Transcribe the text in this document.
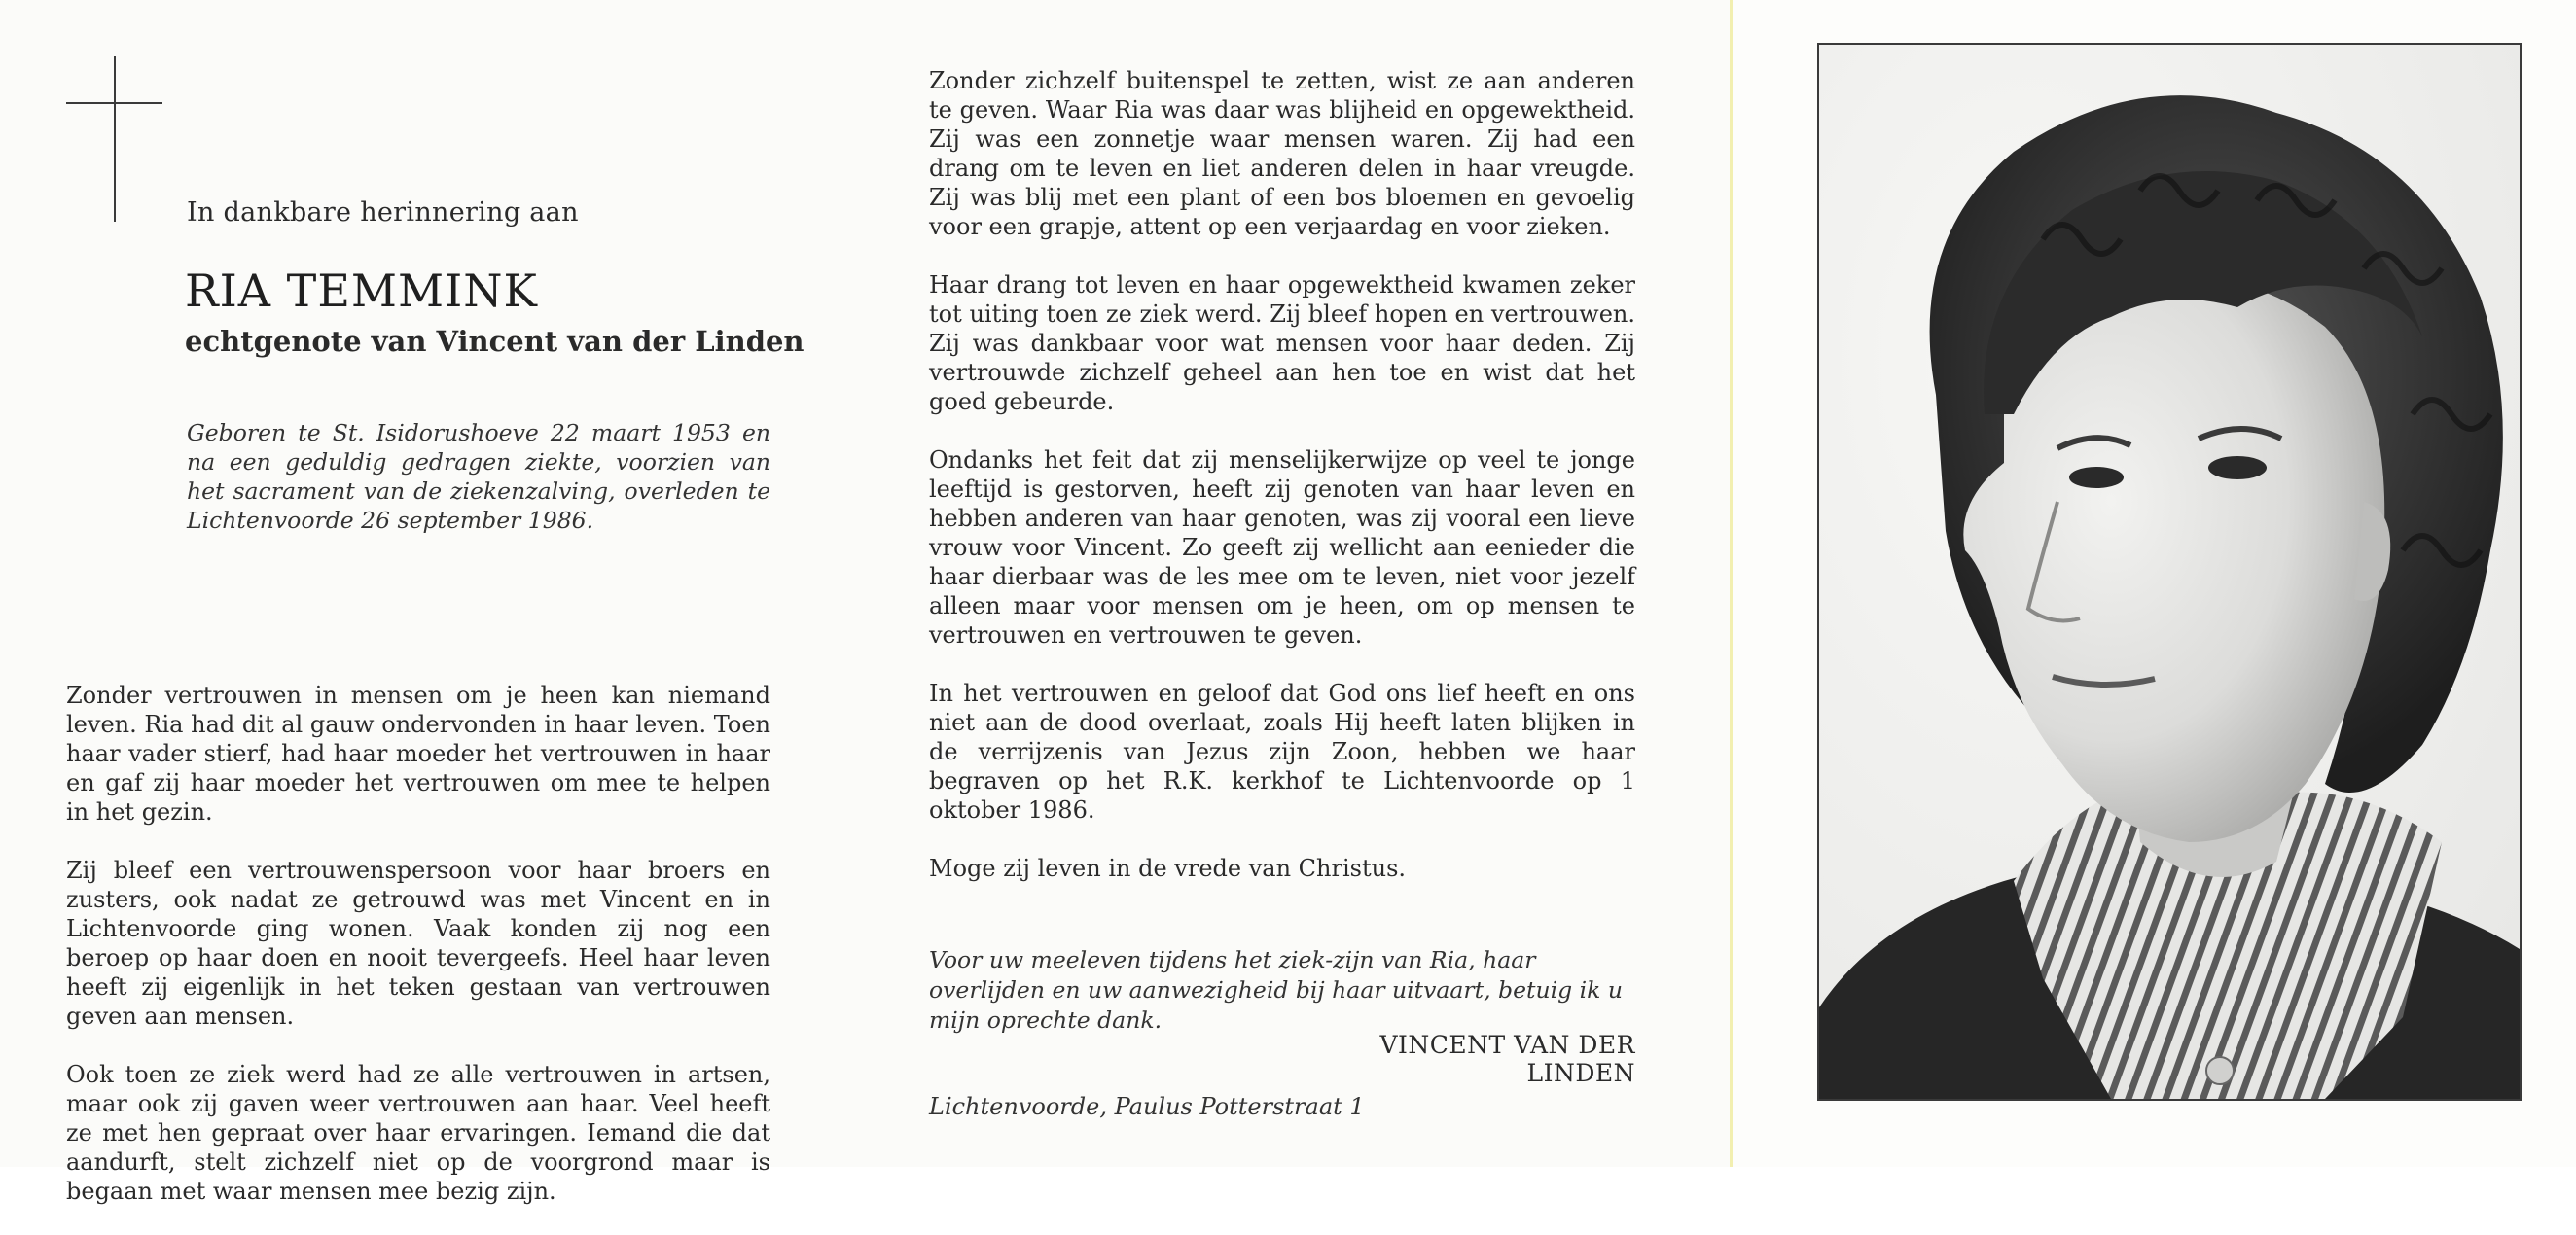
In dankbare herinnering aan
RIA TEMMINK
echtgenote van Vincent van der Linden
Geboren te St. Isidorushoeve 22 maart 1953 en na een geduldig gedragen ziekte, voorzien van het sacrament van de ziekenzalving, overleden te Lichtenvoorde 26 september 1986.

Zonder vertrouwen in mensen om je heen kan niemand leven. Ria had dit al gauw ondervonden in haar leven. Toen haar vader stierf, had haar moeder het vertrouwen in haar en gaf zij haar moeder het vertrouwen om mee te helpen in het gezin.

Zij bleef een vertrouwenspersoon voor haar broers en zusters, ook nadat ze getrouwd was met Vincent en in Lichtenvoorde ging wonen. Vaak konden zij nog een beroep op haar doen en nooit tevergeefs. Heel haar leven heeft zij eigenlijk in het teken gestaan van vertrouwen geven aan mensen.

Ook toen ze ziek werd had ze alle vertrouwen in artsen, maar ook zij gaven weer vertrouwen aan haar. Veel heeft ze met hen gepraat over haar ervaringen. Iemand die dat aandurft, stelt zichzelf niet op de voorgrond maar is begaan met waar mensen mee bezig zijn.

Zonder zichzelf buitenspel te zetten, wist ze aan anderen te geven. Waar Ria was daar was blijheid en opgewektheid. Zij was een zonnetje waar mensen waren. Zij had een drang om te leven en liet anderen delen in haar vreugde. Zij was blij met een plant of een bos bloemen en gevoelig voor een grapje, attent op een verjaardag en voor zieken.

Haar drang tot leven en haar opgewektheid kwamen zeker tot uiting toen ze ziek werd. Zij bleef hopen en vertrouwen. Zij was dankbaar voor wat mensen voor haar deden. Zij vertrouwde zichzelf geheel aan hen toe en wist dat het goed gebeurde.

Ondanks het feit dat zij menselijkerwijze op veel te jonge leeftijd is gestorven, heeft zij genoten van haar leven en hebben anderen van haar genoten, was zij vooral een lieve vrouw voor Vincent. Zo geeft zij wellicht aan eenieder die haar dierbaar was de les mee om te leven, niet voor jezelf alleen maar voor mensen om je heen, om op mensen te vertrouwen en vertrouwen te geven.

In het vertrouwen en geloof dat God ons lief heeft en ons niet aan de dood overlaat, zoals Hij heeft laten blijken in de verrijzenis van Jezus zijn Zoon, hebben we haar begraven op het R.K. kerkhof te Lichtenvoorde op 1 oktober 1986.

Moge zij leven in de vrede van Christus.

Voor uw meeleven tijdens het ziek-zijn van Ria, haar overlijden en uw aanwezigheid bij haar uitvaart, betuig ik u mijn oprechte dank.
VINCENT VAN DER LINDEN
Lichtenvoorde, Paulus Potterstraat 1
